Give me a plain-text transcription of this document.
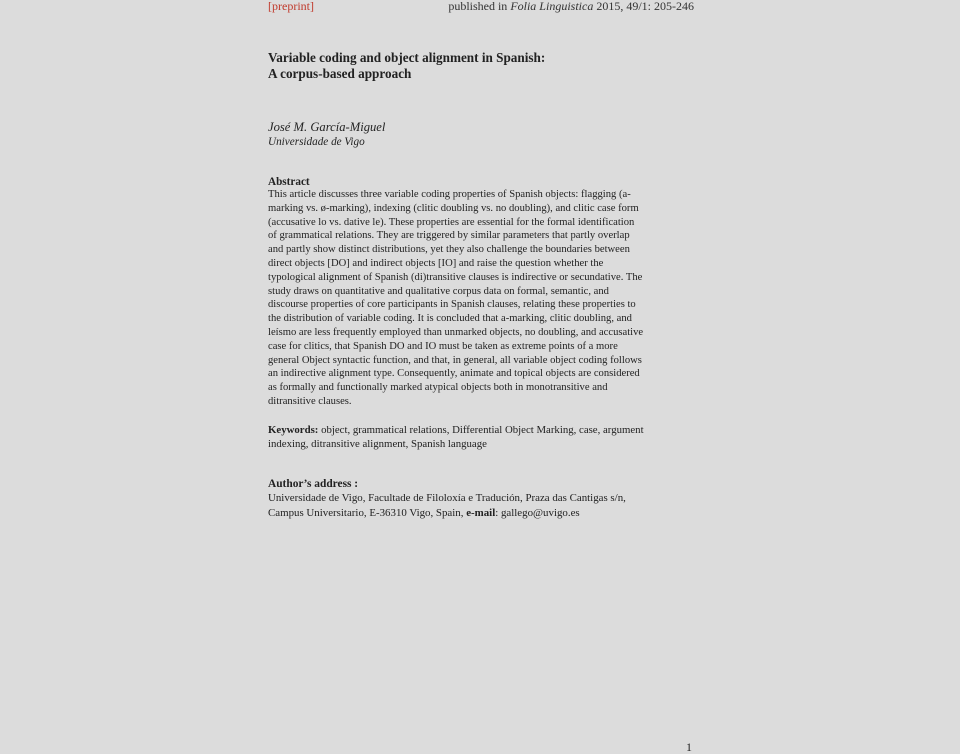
[preprint]	published in Folia Linguistica 2015, 49/1: 205-246
Variable coding and object alignment in Spanish:
A corpus-based approach
José M. García-Miguel
Universidade de Vigo
Abstract
This article discusses three variable coding properties of Spanish objects: flagging (a-
marking vs. ø-marking), indexing (clitic doubling vs. no doubling), and clitic case form
(accusative lo vs. dative le). These properties are essential for the formal identification
of grammatical relations. They are triggered by similar parameters that partly overlap
and partly show distinct distributions, yet they also challenge the boundaries between
direct objects [DO] and indirect objects [IO] and raise the question whether the
typological alignment of Spanish (di)transitive clauses is indirective or secundative. The
study draws on quantitative and qualitative corpus data on formal, semantic, and
discourse properties of core participants in Spanish clauses, relating these properties to
the distribution of variable coding. It is concluded that a-marking, clitic doubling, and
leísmo are less frequently employed than unmarked objects, no doubling, and accusative
case for clitics, that Spanish DO and IO must be taken as extreme points of a more
general Object syntactic function, and that, in general, all variable object coding follows
an indirective alignment type. Consequently, animate and topical objects are considered
as formally and functionally marked atypical objects both in monotransitive and
ditransitive clauses.
Keywords: object, grammatical relations, Differential Object Marking, case, argument
indexing, ditransitive alignment, Spanish language
Author’s address :
Universidade de Vigo, Facultade de Filoloxía e Tradución, Praza das Cantigas s/n,
Campus Universitario, E-36310 Vigo, Spain, e-mail: gallego@uvigo.es
1
